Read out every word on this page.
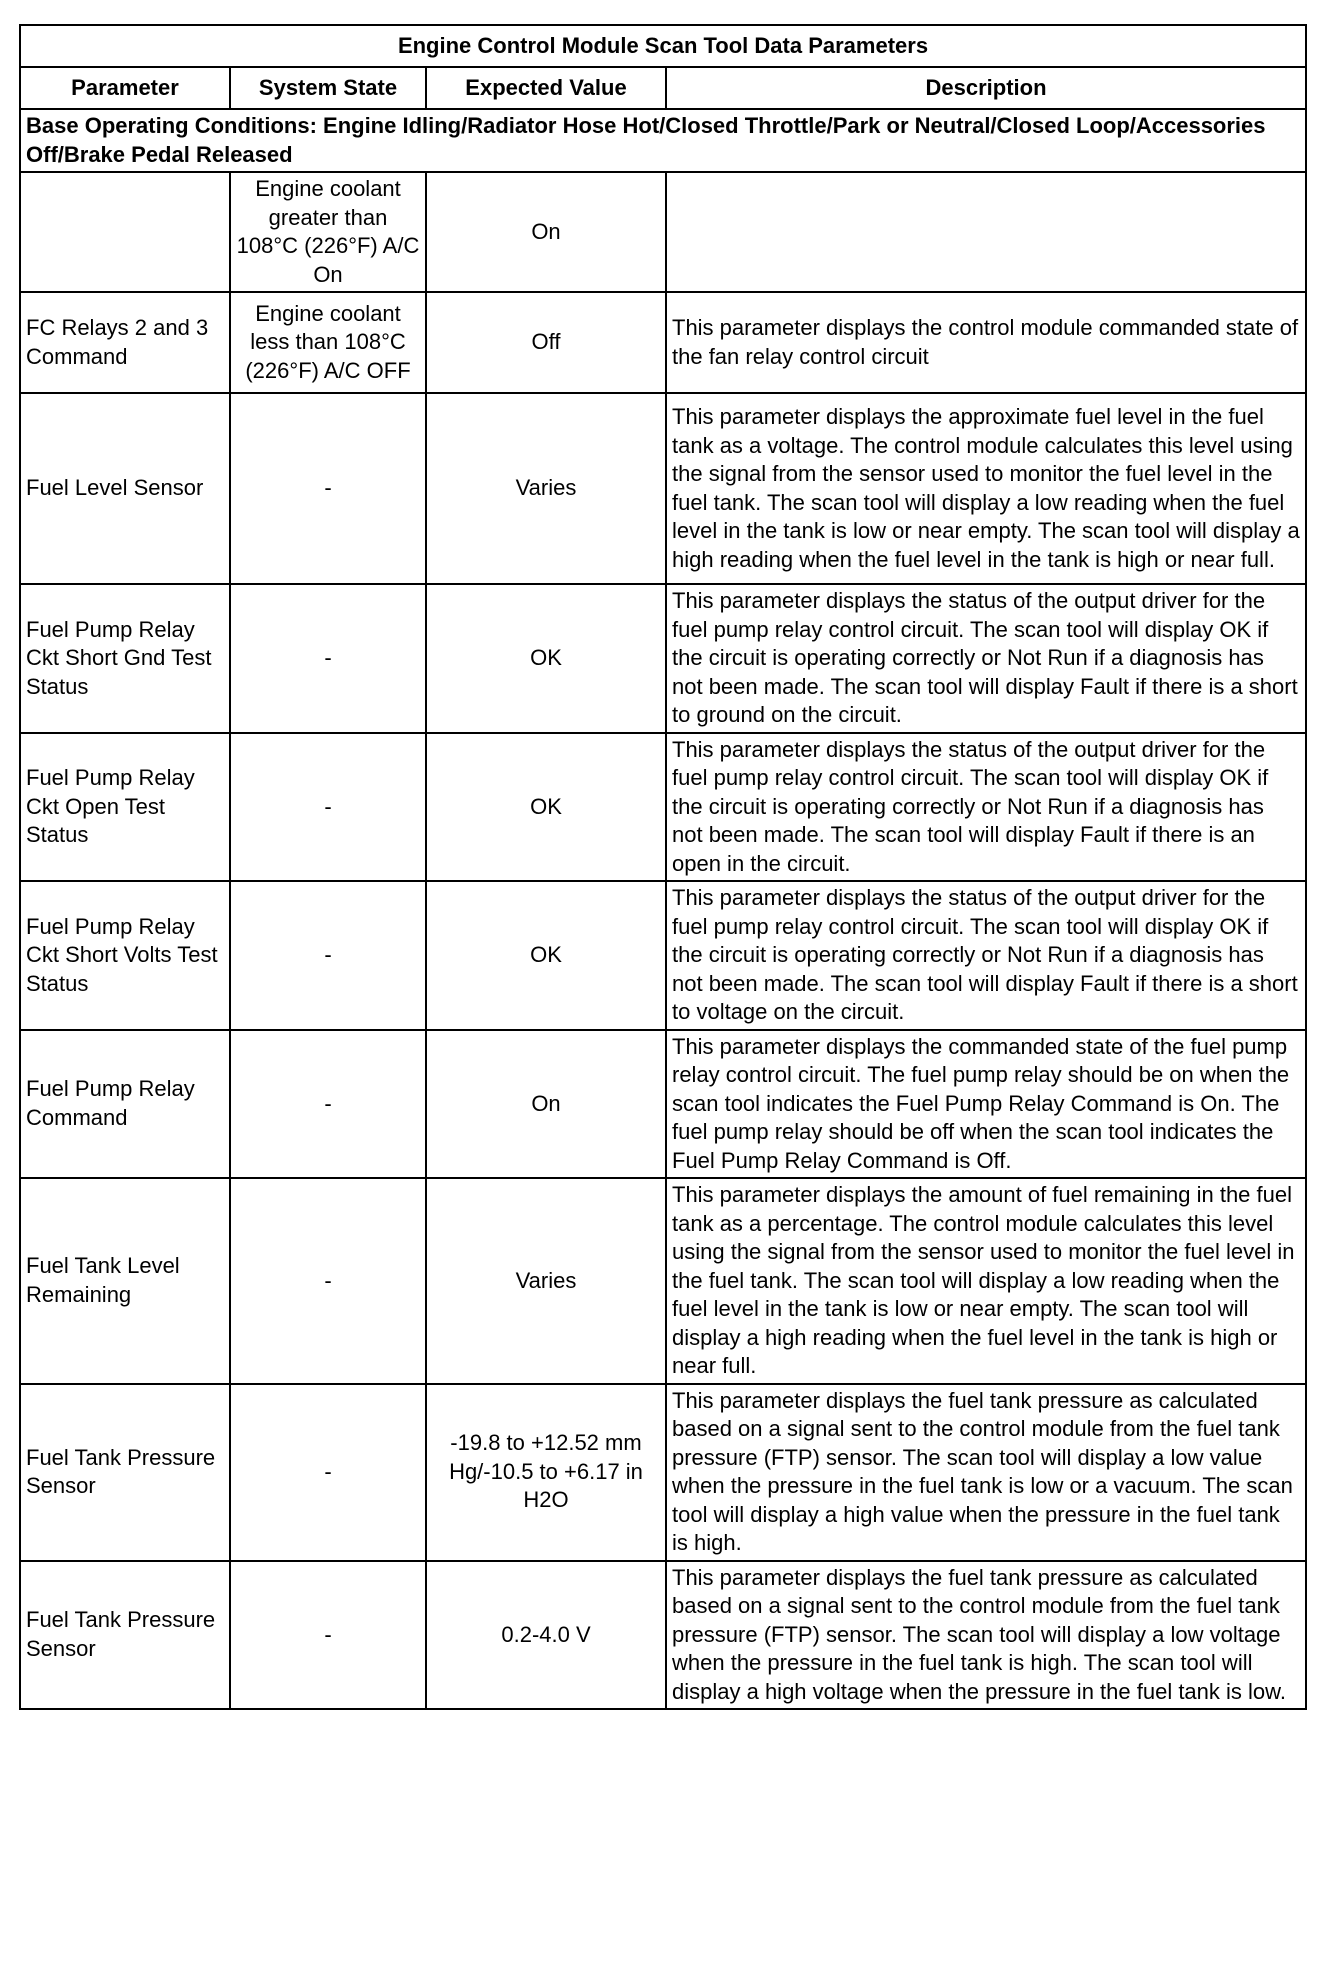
Engine Control Module Scan Tool Data Parameters			
Parameter	System State	Expected Value	Description
Base Operating Conditions: Engine Idling/Radiator Hose Hot/Closed Throttle/Park or Neutral/Closed Loop/Accessories Off/Brake Pedal Released			
	Engine coolant greater than 108°C (226°F) A/C On	On	
FC Relays 2 and 3 Command	Engine coolant less than 108°C (226°F) A/C OFF	Off	This parameter displays the control module commanded state of the fan relay control circuit
Fuel Level Sensor	-	Varies	This parameter displays the approximate fuel level in the fuel tank as a voltage. The control module calculates this level using the signal from the sensor used to monitor the fuel level in the fuel tank. The scan tool will display a low reading when the fuel level in the tank is low or near empty. The scan tool will display a high reading when the fuel level in the tank is high or near full.
Fuel Pump Relay Ckt Short Gnd Test Status	-	OK	This parameter displays the status of the output driver for the fuel pump relay control circuit. The scan tool will display OK if the circuit is operating correctly or Not Run if a diagnosis has not been made. The scan tool will display Fault if there is a short to ground on the circuit.
Fuel Pump Relay Ckt Open Test Status	-	OK	This parameter displays the status of the output driver for the fuel pump relay control circuit. The scan tool will display OK if the circuit is operating correctly or Not Run if a diagnosis has not been made. The scan tool will display Fault if there is an open in the circuit.
Fuel Pump Relay Ckt Short Volts Test Status	-	OK	This parameter displays the status of the output driver for the fuel pump relay control circuit. The scan tool will display OK if the circuit is operating correctly or Not Run if a diagnosis has not been made. The scan tool will display Fault if there is a short to voltage on the circuit.
Fuel Pump Relay Command	-	On	This parameter displays the commanded state of the fuel pump relay control circuit. The fuel pump relay should be on when the scan tool indicates the Fuel Pump Relay Command is On. The fuel pump relay should be off when the scan tool indicates the Fuel Pump Relay Command is Off.
Fuel Tank Level Remaining	-	Varies	This parameter displays the amount of fuel remaining in the fuel tank as a percentage. The control module calculates this level using the signal from the sensor used to monitor the fuel level in the fuel tank. The scan tool will display a low reading when the fuel level in the tank is low or near empty. The scan tool will display a high reading when the fuel level in the tank is high or near full.
Fuel Tank Pressure Sensor	-	-19.8 to +12.52 mm Hg/-10.5 to +6.17 in H2O	This parameter displays the fuel tank pressure as calculated based on a signal sent to the control module from the fuel tank pressure (FTP) sensor. The scan tool will display a low value when the pressure in the fuel tank is low or a vacuum. The scan tool will display a high value when the pressure in the fuel tank is high.
Fuel Tank Pressure Sensor	-	0.2-4.0 V	This parameter displays the fuel tank pressure as calculated based on a signal sent to the control module from the fuel tank pressure (FTP) sensor. The scan tool will display a low voltage when the pressure in the fuel tank is high. The scan tool will display a high voltage when the pressure in the fuel tank is low.
